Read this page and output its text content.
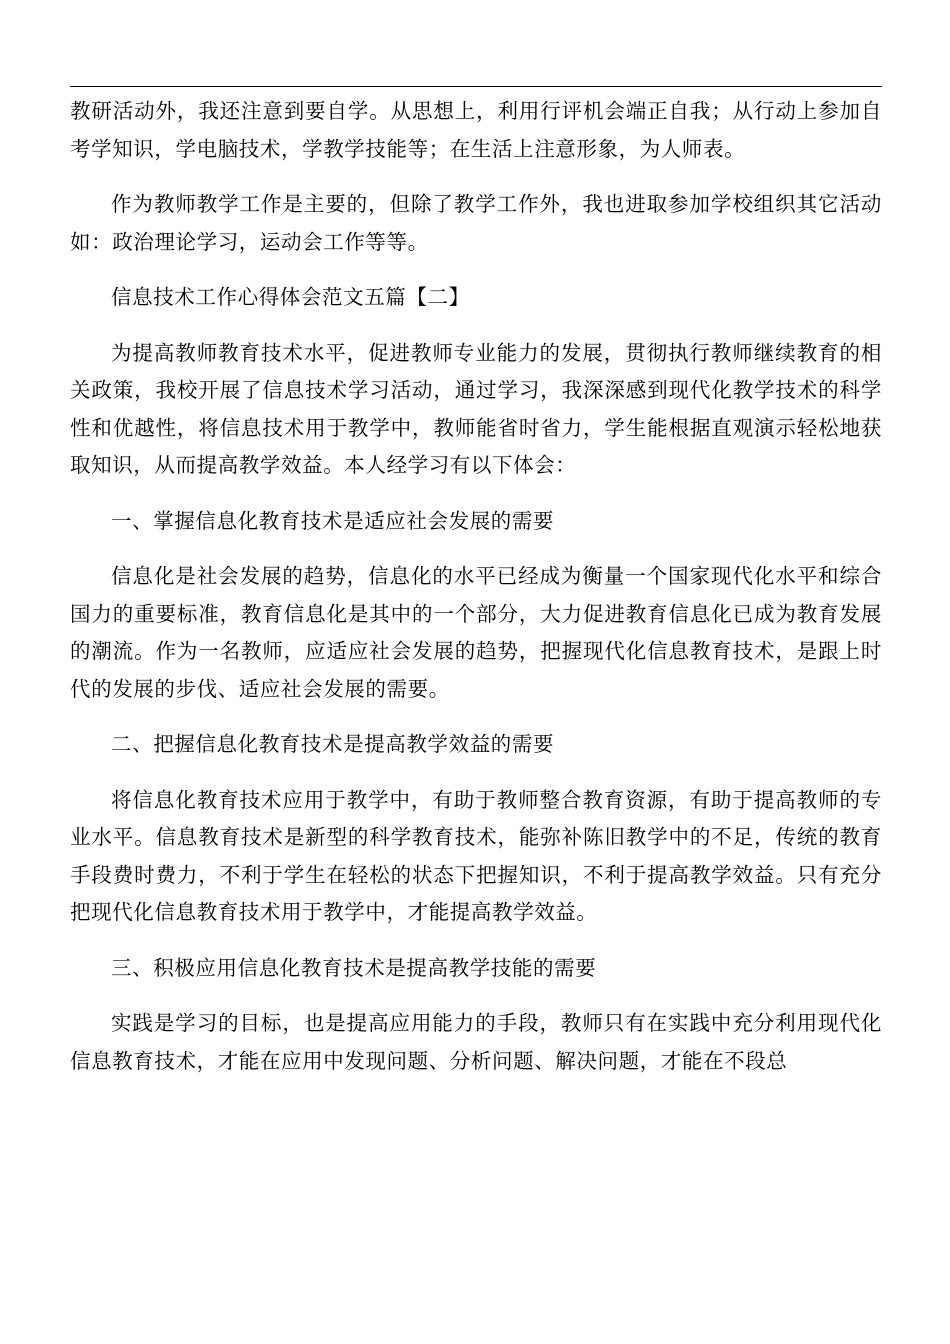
教研活动外，我还注意到要自学。从思想上，利用行评机会端正自我；从行动上参加自考学知识，学电脑技术，学教学技能等；在生活上注意形象，为人师表。

作为教师教学工作是主要的，但除了教学工作外，我也进取参加学校组织其它活动如：政治理论学习，运动会工作等等。

信息技术工作心得体会范文五篇【二】

为提高教师教育技术水平，促进教师专业能力的发展，贯彻执行教师继续教育的相关政策，我校开展了信息技术学习活动，通过学习，我深深感到现代化教学技术的科学性和优越性，将信息技术用于教学中，教师能省时省力，学生能根据直观演示轻松地获取知识，从而提高教学效益。本人经学习有以下体会：

一、掌握信息化教育技术是适应社会发展的需要

信息化是社会发展的趋势，信息化的水平已经成为衡量一个国家现代化水平和综合国力的重要标准，教育信息化是其中的一个部分，大力促进教育信息化已成为教育发展的潮流。作为一名教师，应适应社会发展的趋势，把握现代化信息教育技术，是跟上时代的发展的步伐、适应社会发展的需要。

二、把握信息化教育技术是提高教学效益的需要

将信息化教育技术应用于教学中，有助于教师整合教育资源，有助于提高教师的专业水平。信息教育技术是新型的科学教育技术，能弥补陈旧教学中的不足，传统的教育手段费时费力，不利于学生在轻松的状态下把握知识，不利于提高教学效益。只有充分把现代化信息教育技术用于教学中，才能提高教学效益。

三、积极应用信息化教育技术是提高教学技能的需要

实践是学习的目标，也是提高应用能力的手段，教师只有在实践中充分利用现代化信息教育技术，才能在应用中发现问题、分析问题、解决问题，才能在不段总
